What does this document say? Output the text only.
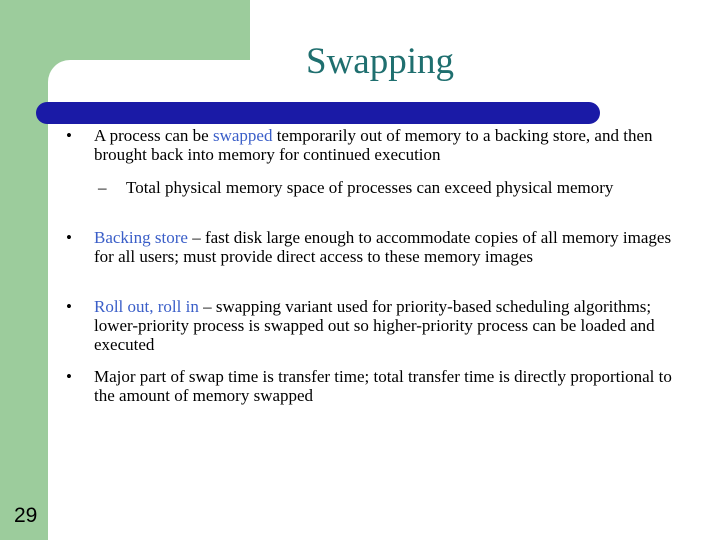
Swapping
• A process can be swapped temporarily out of memory to a backing store, and then brought back into memory for continued execution
– Total physical memory space of processes can exceed physical memory
• Backing store – fast disk large enough to accommodate copies of all memory images for all users; must provide direct access to these memory images
• Roll out, roll in – swapping variant used for priority-based scheduling algorithms; lower-priority process is swapped out so higher-priority process can be loaded and executed
• Major part of swap time is transfer time; total transfer time is directly proportional to the amount of memory swapped
29
